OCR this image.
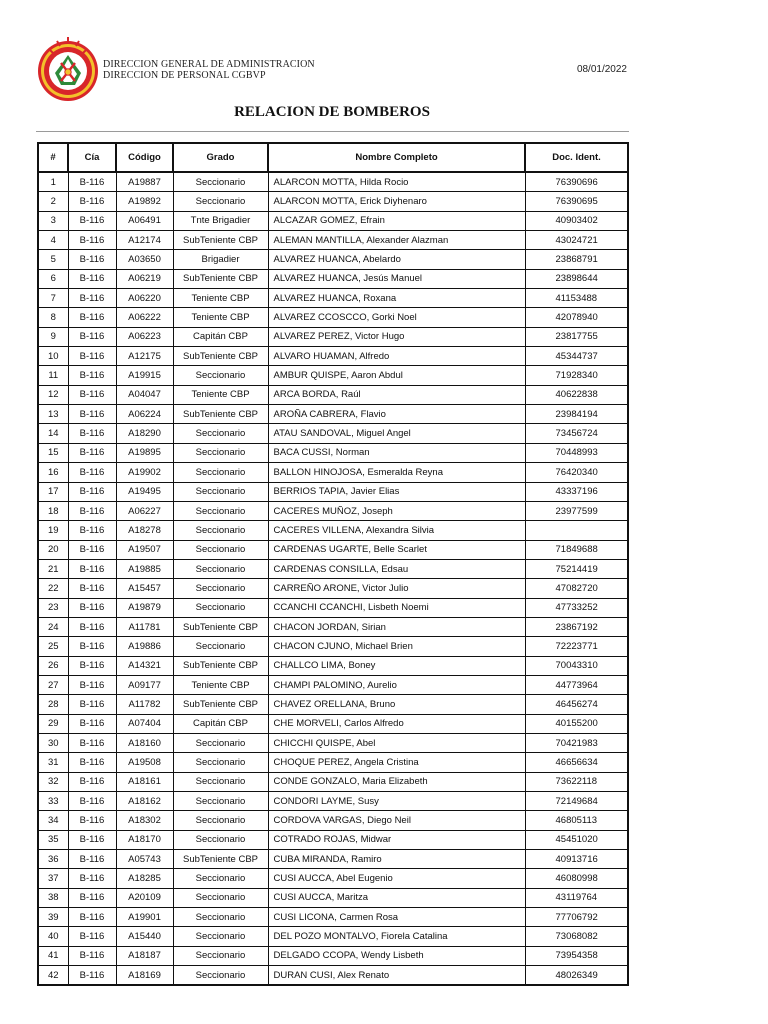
DIRECCION GENERAL DE ADMINISTRACION
DIRECCION DE PERSONAL CGBVP
08/01/2022
RELACION DE BOMBEROS
#	Cía	Código	Grado	Nombre Completo	Doc. Ident.
1	B-116	A19887	Seccionario	ALARCON MOTTA, Hilda Rocio	76390696
2	B-116	A19892	Seccionario	ALARCON MOTTA, Erick Diyhenaro	76390695
3	B-116	A06491	Tnte Brigadier	ALCAZAR GOMEZ, Efrain	40903402
4	B-116	A12174	SubTeniente CBP	ALEMAN MANTILLA, Alexander Alazman	43024721
5	B-116	A03650	Brigadier	ALVAREZ HUANCA, Abelardo	23868791
6	B-116	A06219	SubTeniente CBP	ALVAREZ HUANCA, Jesús Manuel	23898644
7	B-116	A06220	Teniente CBP	ALVAREZ HUANCA, Roxana	41153488
8	B-116	A06222	Teniente CBP	ALVAREZ CCOSCCO, Gorki Noel	42078940
9	B-116	A06223	Capitán CBP	ALVAREZ PEREZ, Victor Hugo	23817755
10	B-116	A12175	SubTeniente CBP	ALVARO HUAMAN, Alfredo	45344737
11	B-116	A19915	Seccionario	AMBUR QUISPE, Aaron Abdul	71928340
12	B-116	A04047	Teniente CBP	ARCA BORDA, Raúl	40622838
13	B-116	A06224	SubTeniente CBP	AROÑA CABRERA, Flavio	23984194
14	B-116	A18290	Seccionario	ATAU SANDOVAL, Miguel Angel	73456724
15	B-116	A19895	Seccionario	BACA CUSSI, Norman	70448993
16	B-116	A19902	Seccionario	BALLON HINOJOSA, Esmeralda Reyna	76420340
17	B-116	A19495	Seccionario	BERRIOS TAPIA, Javier Elias	43337196
18	B-116	A06227	Seccionario	CACERES MUÑOZ, Joseph	23977599
19	B-116	A18278	Seccionario	CACERES VILLENA, Alexandra Silvia	
20	B-116	A19507	Seccionario	CARDENAS UGARTE, Belle Scarlet	71849688
21	B-116	A19885	Seccionario	CARDENAS CONSILLA, Edsau	75214419
22	B-116	A15457	Seccionario	CARREÑO ARONE, Victor Julio	47082720
23	B-116	A19879	Seccionario	CCANCHI CCANCHI, Lisbeth Noemi	47733252
24	B-116	A11781	SubTeniente CBP	CHACON JORDAN, Sirian	23867192
25	B-116	A19886	Seccionario	CHACON CJUNO, Michael Brien	72223771
26	B-116	A14321	SubTeniente CBP	CHALLCO LIMA, Boney	70043310
27	B-116	A09177	Teniente CBP	CHAMPI PALOMINO, Aurelio	44773964
28	B-116	A11782	SubTeniente CBP	CHAVEZ ORELLANA, Bruno	46456274
29	B-116	A07404	Capitán CBP	CHE MORVELI, Carlos Alfredo	40155200
30	B-116	A18160	Seccionario	CHICCHI QUISPE, Abel	70421983
31	B-116	A19508	Seccionario	CHOQUE PEREZ, Angela Cristina	46656634
32	B-116	A18161	Seccionario	CONDE GONZALO, Maria Elizabeth	73622118
33	B-116	A18162	Seccionario	CONDORI LAYME, Susy	72149684
34	B-116	A18302	Seccionario	CORDOVA VARGAS, Diego Neil	46805113
35	B-116	A18170	Seccionario	COTRADO ROJAS, Midwar	45451020
36	B-116	A05743	SubTeniente CBP	CUBA MIRANDA, Ramiro	40913716
37	B-116	A18285	Seccionario	CUSI AUCCA, Abel Eugenio	46080998
38	B-116	A20109	Seccionario	CUSI AUCCA, Maritza	43119764
39	B-116	A19901	Seccionario	CUSI LICONA, Carmen Rosa	77706792
40	B-116	A15440	Seccionario	DEL POZO MONTALVO, Fiorela Catalina	73068082
41	B-116	A18187	Seccionario	DELGADO CCOPA, Wendy Lisbeth	73954358
42	B-116	A18169	Seccionario	DURAN CUSI, Alex Renato	48026349
